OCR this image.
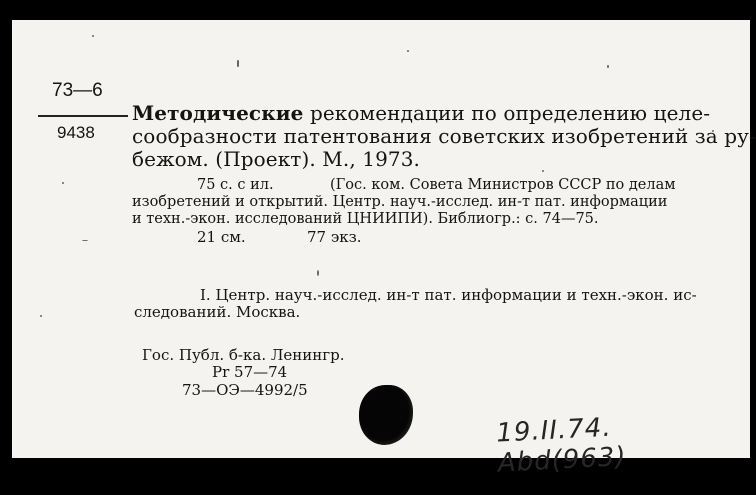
73—6
9438
Методические рекомендации по определению целе-
сообразности патентования советских изобретений за ру-
бежом. (Проект). М., 1973.
75 с. с ил.	(Гос. ком. Совета Министров СССР по делам
изобретений и открытий. Центр. науч.-исслед. ин-т пат. информации
и техн.-экон. исследований ЦНИИПИ). Библиогр.: с. 74—75.
21 см.	77 экз.
I. Центр. науч.-исслед. ин-т пат. информации и техн.-экон. ис-
следований. Москва.
Гос. Публ. б-ка. Ленингр.
Pr 57—74
73—ОЭ—4992/5
19.II.74. Abd(963)
